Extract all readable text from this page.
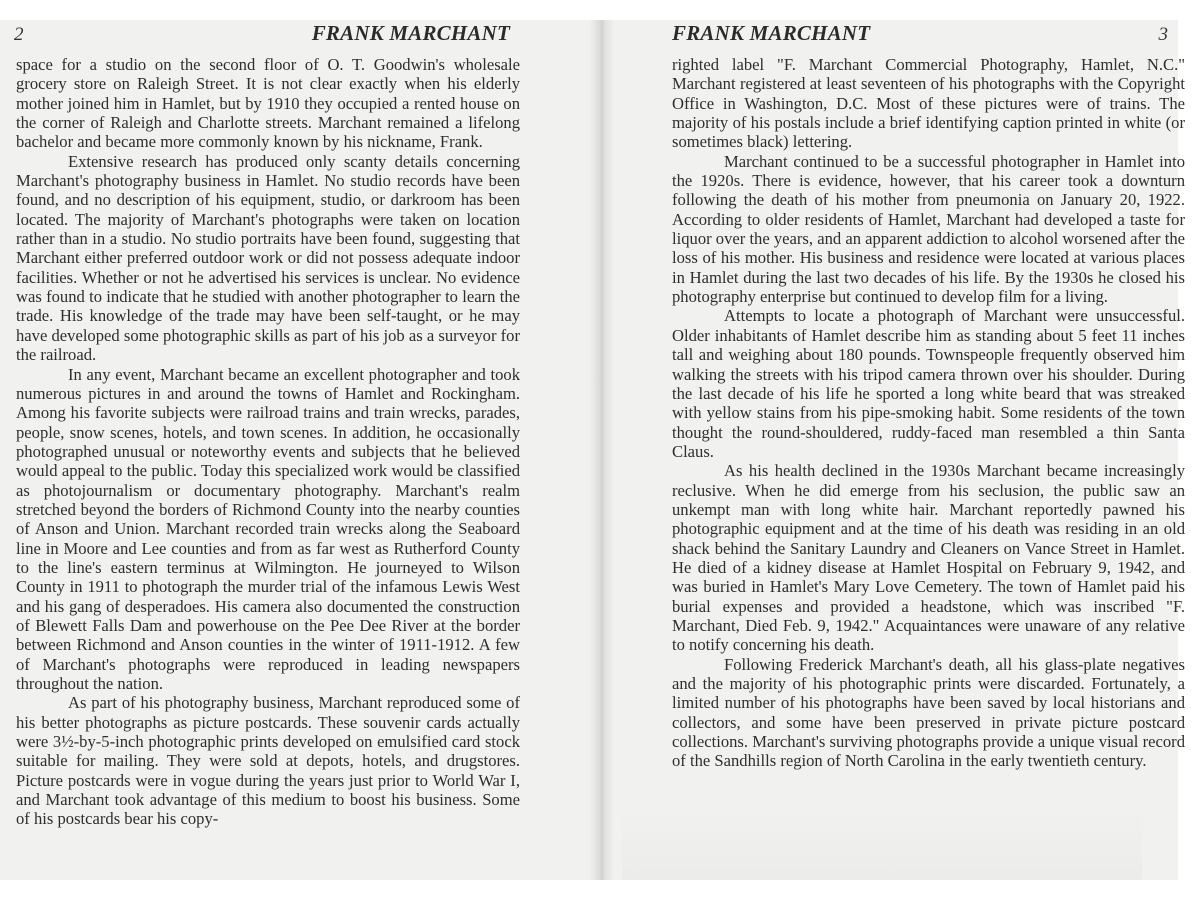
2	FRANK MARCHANT

space for a studio on the second floor of O. T. Goodwin's wholesale grocery store on Raleigh Street. It is not clear exactly when his elderly mother joined him in Hamlet, but by 1910 they occupied a rented house on the corner of Raleigh and Charlotte streets. Marchant remained a lifelong bachelor and became more commonly known by his nickname, Frank.

Extensive research has produced only scanty details concerning Marchant's photography business in Hamlet. No studio records have been found, and no description of his equipment, studio, or darkroom has been located. The majority of Marchant's photographs were taken on location rather than in a studio. No studio portraits have been found, suggesting that Marchant either preferred outdoor work or did not possess adequate indoor facilities. Whether or not he advertised his services is unclear. No evidence was found to indicate that he studied with another photographer to learn the trade. His knowledge of the trade may have been self-taught, or he may have developed some photographic skills as part of his job as a surveyor for the railroad.

In any event, Marchant became an excellent photographer and took numerous pictures in and around the towns of Hamlet and Rockingham. Among his favorite subjects were railroad trains and train wrecks, parades, people, snow scenes, hotels, and town scenes. In addition, he occasionally photographed unusual or noteworthy events and subjects that he believed would appeal to the public. Today this specialized work would be classified as photojournalism or documentary photography. Marchant's realm stretched beyond the borders of Richmond County into the nearby counties of Anson and Union. Marchant recorded train wrecks along the Seaboard line in Moore and Lee counties and from as far west as Rutherford County to the line's eastern terminus at Wilmington. He journeyed to Wilson County in 1911 to photograph the murder trial of the infamous Lewis West and his gang of desperadoes. His camera also documented the construction of Blewett Falls Dam and powerhouse on the Pee Dee River at the border between Richmond and Anson counties in the winter of 1911-1912. A few of Marchant's photographs were reproduced in leading newspapers throughout the nation.

As part of his photography business, Marchant reproduced some of his better photographs as picture postcards. These souvenir cards actually were 3½-by-5-inch photographic prints developed on emulsified card stock suitable for mailing. They were sold at depots, hotels, and drugstores. Picture postcards were in vogue during the years just prior to World War I, and Marchant took advantage of this medium to boost his business. Some of his postcards bear his copy-

FRANK MARCHANT	3

righted label "F. Marchant Commercial Photography, Hamlet, N.C." Marchant registered at least seventeen of his photographs with the Copyright Office in Washington, D.C. Most of these pictures were of trains. The majority of his postals include a brief identifying caption printed in white (or sometimes black) lettering.

Marchant continued to be a successful photographer in Hamlet into the 1920s. There is evidence, however, that his career took a downturn following the death of his mother from pneumonia on January 20, 1922. According to older residents of Hamlet, Marchant had developed a taste for liquor over the years, and an apparent addiction to alcohol worsened after the loss of his mother. His business and residence were located at various places in Hamlet during the last two decades of his life. By the 1930s he closed his photography enterprise but continued to develop film for a living.

Attempts to locate a photograph of Marchant were unsuccessful. Older inhabitants of Hamlet describe him as standing about 5 feet 11 inches tall and weighing about 180 pounds. Townspeople frequently observed him walking the streets with his tripod camera thrown over his shoulder. During the last decade of his life he sported a long white beard that was streaked with yellow stains from his pipe-smoking habit. Some residents of the town thought the round-shouldered, ruddy-faced man resembled a thin Santa Claus.

As his health declined in the 1930s Marchant became increasingly reclusive. When he did emerge from his seclusion, the public saw an unkempt man with long white hair. Marchant reportedly pawned his photographic equipment and at the time of his death was residing in an old shack behind the Sanitary Laundry and Cleaners on Vance Street in Hamlet. He died of a kidney disease at Hamlet Hospital on February 9, 1942, and was buried in Hamlet's Mary Love Cemetery. The town of Hamlet paid his burial expenses and provided a headstone, which was inscribed "F. Marchant, Died Feb. 9, 1942." Acquaintances were unaware of any relative to notify concerning his death.

Following Frederick Marchant's death, all his glass-plate negatives and the majority of his photographic prints were discarded. Fortunately, a limited number of his photographs have been saved by local historians and collectors, and some have been preserved in private picture postcard collections. Marchant's surviving photographs provide a unique visual record of the Sandhills region of North Carolina in the early twentieth century.
